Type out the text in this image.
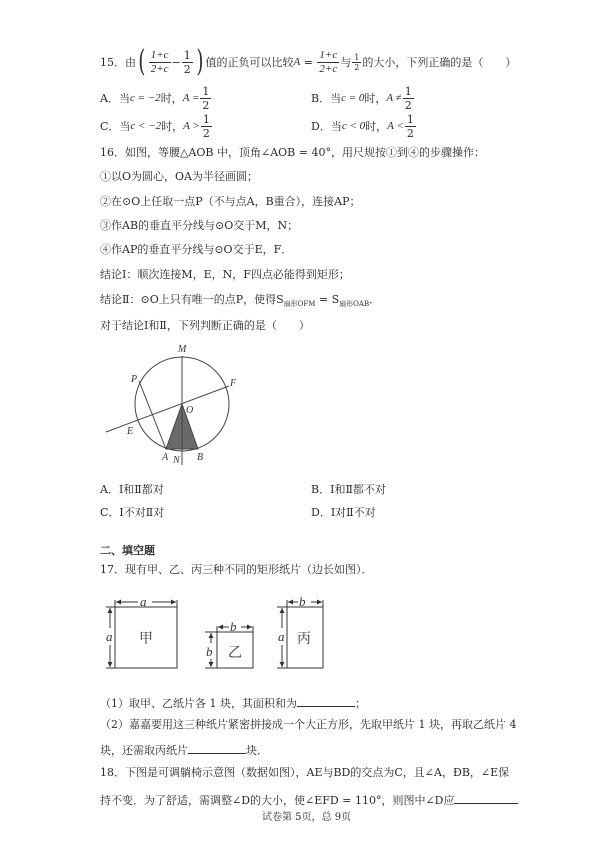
15． 由 ( $\frac{1+c}{2+c} - \frac{1}{2}$ ) 值的正负可以比较 $A = \frac{1+c}{2+c}$ 与 $\frac{1}{2}$ 的大小，下列正确的是（　　）
A． 当 c = −2 时， $A = \frac{1}{2}$	B． 当 c = 0 时， $A \ne \frac{1}{2}$
C． 当 c < −2 时， $A > \frac{1}{2}$	D． 当 c < 0 时， $A < \frac{1}{2}$
16．如图，等腰△AOB 中，顶角∠AOB = 40°，用尺规按①到④的步骤操作：
①以O为圆心，OA为半径画圆；
②在⊙O上任取一点P（不与点A，B重合），连接AP；
③作AB的垂直平分线与⊙O交于M，N；
④作AP的垂直平分线与⊙O交于E，F．
结论Ⅰ：顺次连接M，E，N，F四点必能得到矩形；
结论Ⅱ：⊙O上只有唯一的点P，使得$S_{扇形OFM} = S_{扇形OAB}$．
对于结论Ⅰ和Ⅱ，下列判断正确的是（　　）
M
P	F
O
E
A N B
A．Ⅰ和Ⅱ都对	B．Ⅰ和Ⅱ都不对
C．Ⅰ不对Ⅱ对	D．Ⅰ对Ⅱ不对
二、填空题
17．现有甲、乙、丙三种不同的矩形纸片（边长如图）．
a
a 甲
b
b 乙
b
a 丙
（1）取甲、乙纸片各 1 块，其面积和为	；
（2）嘉嘉要用这三种纸片紧密拼接成一个大正方形，先取甲纸片 1 块，再取乙纸片 4
块，还需取丙纸片	块．
18．下图是可调躺椅示意图（数据如图），AE与BD的交点为C，且∠A，ÐB，∠E保
持不变．为了舒适，需调整∠D的大小，使∠EFD = 110°，则图中∠D应
试卷第 5页，总 9页
